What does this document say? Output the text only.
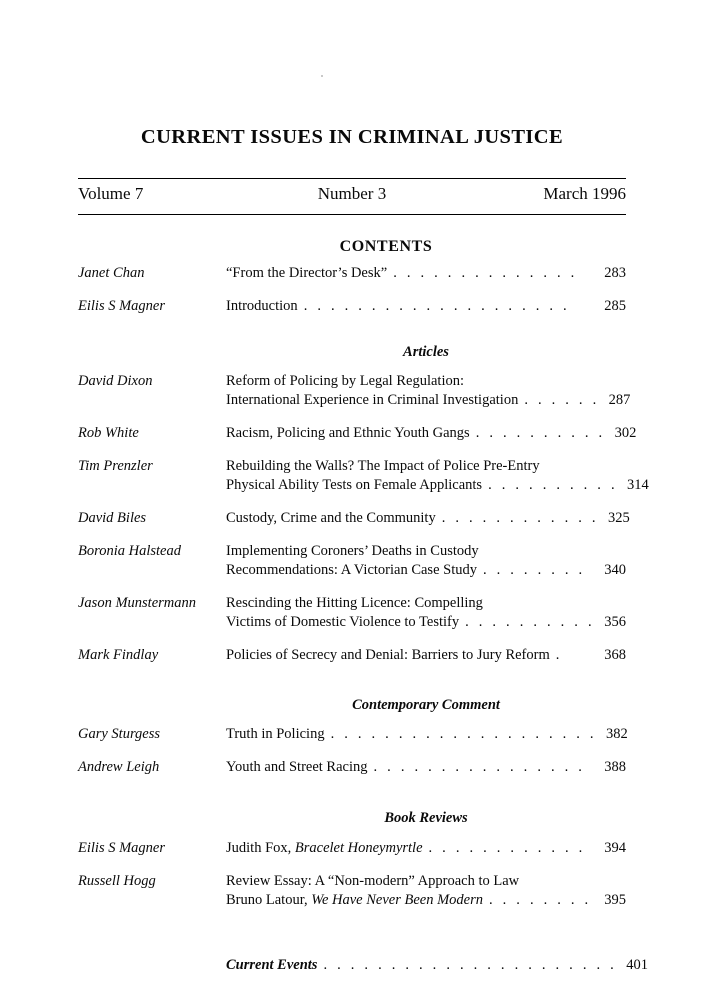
CURRENT ISSUES IN CRIMINAL JUSTICE
Volume 7	Number 3	March 1996
CONTENTS
Janet Chan	“From the Director’s Desk” . . . . . . . . . . . . . .	283
Eilis S Magner	Introduction . . . . . . . . . . . . . . . . . . . .	285
Articles
David Dixon	Reform of Policing by Legal Regulation:
International Experience in Criminal Investigation . . . . . . 287
Rob White	Racism, Policing and Ethnic Youth Gangs . . . . . . . . . . 302
Tim Prenzler	Rebuilding the Walls? The Impact of Police Pre-Entry
Physical Ability Tests on Female Applicants . . . . . . . . . . 314
David Biles	Custody, Crime and the Community . . . . . . . . . . . . 325
Boronia Halstead	Implementing Coroners’ Deaths in Custody
Recommendations: A Victorian Case Study . . . . . . . .	340
Jason Munstermann	Rescinding the Hitting Licence: Compelling
Victims of Domestic Violence to Testify . . . . . . . . . . 356
Mark Findlay	Policies of Secrecy and Denial: Barriers to Jury Reform .	368
Contemporary Comment
Gary Sturgess	Truth in Policing . . . . . . . . . . . . . . . . . . . . 382
Andrew Leigh	Youth and Street Racing . . . . . . . . . . . . . . . .	388
Book Reviews
Eilis S Magner	Judith Fox, Bracelet Honeymyrtle . . . . . . . . . . . .	394
Russell Hogg	Review Essay: A “Non-modern” Approach to Law
Bruno Latour, We Have Never Been Modern . . . . . . . . 395
Current Events . . . . . . . . . . . . . . . . . . . . . . 401
